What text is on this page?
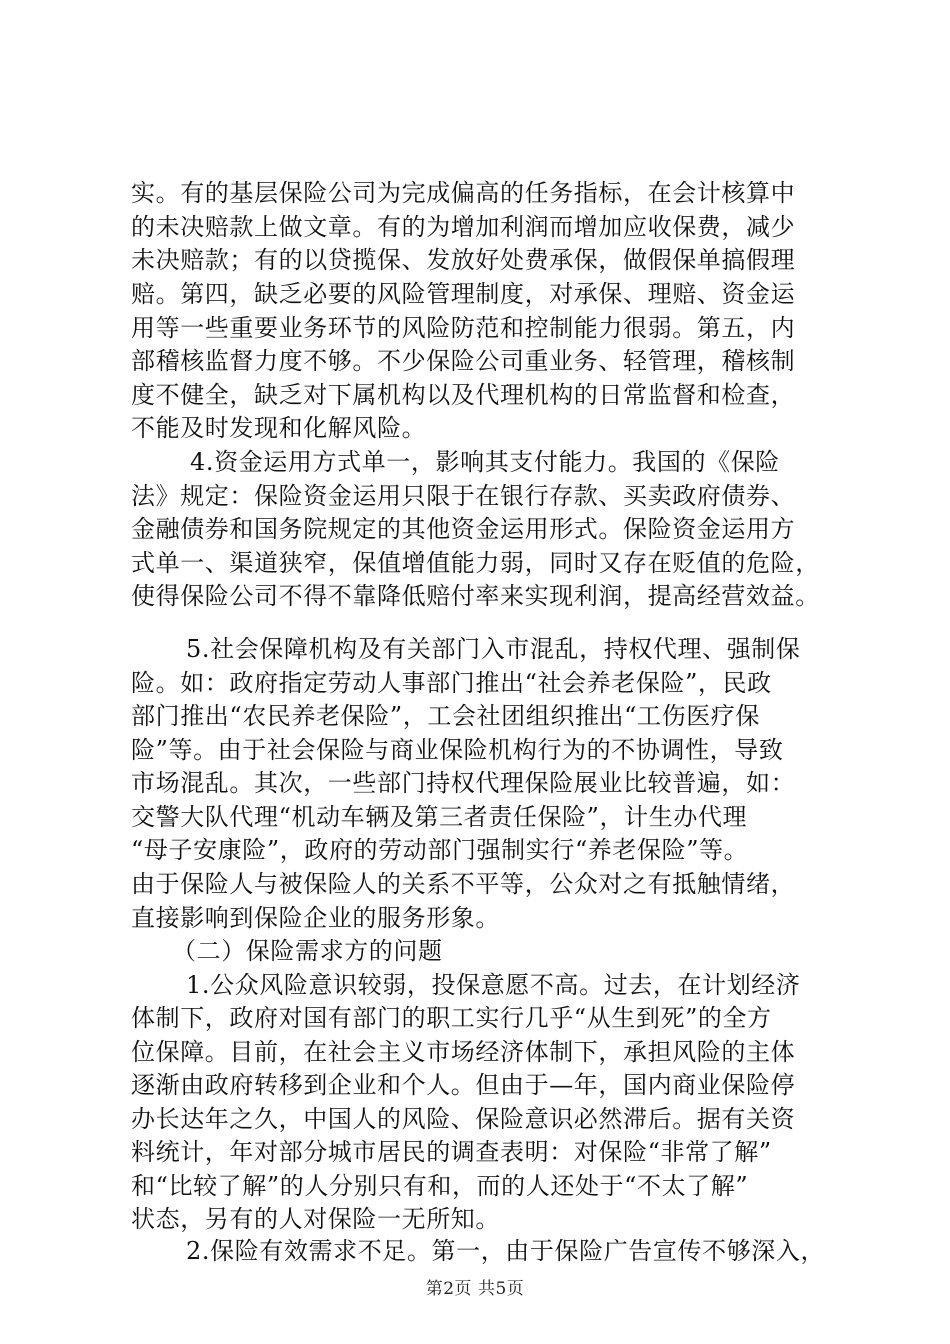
实。有的基层保险公司为完成偏高的任务指标，在会计核算中
的未决赔款上做文章。有的为增加利润而增加应收保费，减少
未决赔款；有的以贷揽保、发放好处费承保，做假保单搞假理
赔。第四，缺乏必要的风险管理制度，对承保、理赔、资金运
用等一些重要业务环节的风险防范和控制能力很弱。第五，内
部稽核监督力度不够。不少保险公司重业务、轻管理，稽核制
度不健全，缺乏对下属机构以及代理机构的日常监督和检查，
不能及时发现和化解风险。
4.资金运用方式单一，影响其支付能力。我国的《保险
法》规定：保险资金运用只限于在银行存款、买卖政府债券、
金融债券和国务院规定的其他资金运用形式。保险资金运用方
式单一、渠道狭窄，保值增值能力弱，同时又存在贬值的危险，
使得保险公司不得不靠降低赔付率来实现利润，提高经营效益。
5.社会保障机构及有关部门入市混乱，持权代理、强制保
险。如：政府指定劳动人事部门推出“社会养老保险”，民政
部门推出“农民养老保险”，工会社团组织推出“工伤医疗保
险”等。由于社会保险与商业保险机构行为的不协调性，导致
市场混乱。其次，一些部门持权代理保险展业比较普遍，如：
交警大队代理“机动车辆及第三者责任保险”，计生办代理
“母子安康险”，政府的劳动部门强制实行“养老保险”等。
由于保险人与被保险人的关系不平等，公众对之有抵触情绪，
直接影响到保险企业的服务形象。
（二）保险需求方的问题
1.公众风险意识较弱，投保意愿不高。过去，在计划经济
体制下，政府对国有部门的职工实行几乎“从生到死”的全方
位保障。目前，在社会主义市场经济体制下，承担风险的主体
逐渐由政府转移到企业和个人。但由于—年，国内商业保险停
办长达年之久，中国人的风险、保险意识必然滞后。据有关资
料统计，年对部分城市居民的调查表明：对保险“非常了解”
和“比较了解”的人分别只有和，而的人还处于“不太了解”
状态，另有的人对保险一无所知。
2.保险有效需求不足。第一，由于保险广告宣传不够深入，
第2页 共5页
